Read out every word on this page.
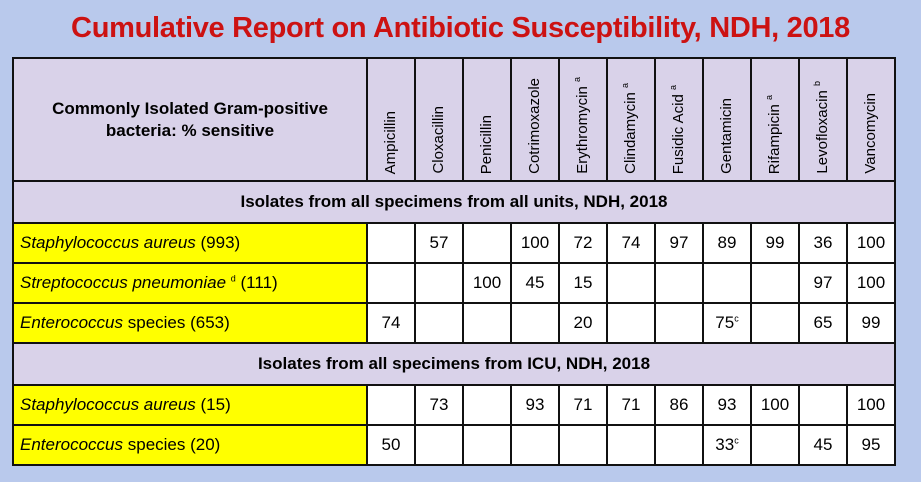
Cumulative Report on Antibiotic Susceptibility, NDH, 2018
Commonly Isolated Gram-positive
bacteria: % sensitive	Ampicillin	Cloxacillin	Penicillin	Cotrimoxazole	Erythromycin $^a$	Clindamycin $^a$	Fusidic Acid $^a$	Gentamicin	Rifampicin $^a$	Levofloxacin $^b$	Vancomycin

Isolates from all specimens from all units, NDH, 2018											
Staphylococcus aureus (993)		57		100	72	74	97	89	99	36	100
Streptococcus pneumoniae $^d$ (111)			100	45	15					97	100
Enterococcus species (653)	74				20			75$^c$		65	99
Isolates from all specimens from ICU, NDH, 2018											
Staphylococcus aureus (15)		73		93	71	71	86	93	100		100
Enterococcus species (20)	50							33$^c$		45	95
